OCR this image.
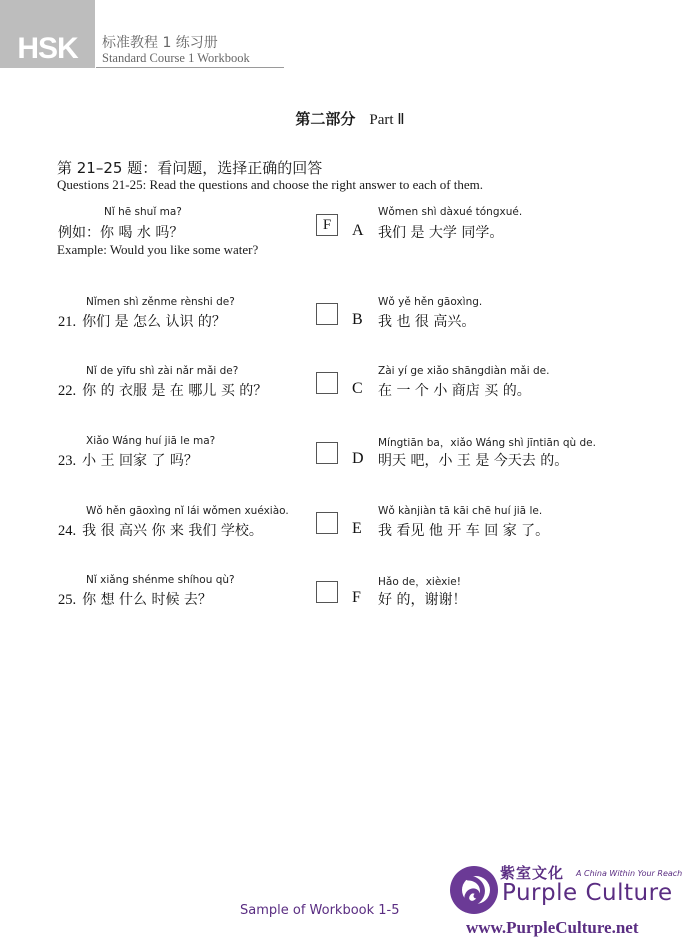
HSK	标准教程 1 练习册
Standard Course 1 Workbook
第二部分 Part Ⅱ
第 21–25 题：看问题，选择正确的回答
Questions 21-25: Read the questions and choose the right answer to each of them.
Nǐ hē shuǐ ma?
例如：你 喝 水 吗？
Example: Would you like some water?
F
Nǐmen shì zěnme rènshi de?
21. 你们 是 怎么 认识 的？
Nǐ de yīfu shì zài nǎr mǎi de?
22. 你 的 衣服 是 在 哪儿 买 的？
Xiǎo Wáng huí jiā le ma?
23. 小 王 回家 了 吗？
Wǒ hěn gāoxìng nǐ lái wǒmen xuéxiào.
24. 我 很 高兴 你 来 我们 学校。
Nǐ xiǎng shénme shíhou qù?
25. 你 想 什么 时候 去？
A
Wǒmen shì dàxué tóngxué.
我们 是 大学 同学。
B
Wǒ yě hěn gāoxìng.
我 也 很 高兴。
C
Zài yí ge xiǎo shāngdiàn mǎi de.
在 一 个 小 商店 买 的。
D
Míngtiān ba，xiǎo Wáng shì jīntiān qù de.
明天 吧，小 王 是 今天去 的。
E
Wǒ kànjiàn tā kāi chē huí jiā le.
我 看见 他 开 车 回 家 了。
F
Hǎo de，xièxie!
好 的，谢谢！
Sample of Workbook 1-5
紫室文化 A China Within Your Reach
Purple Culture
www.PurpleCulture.net
